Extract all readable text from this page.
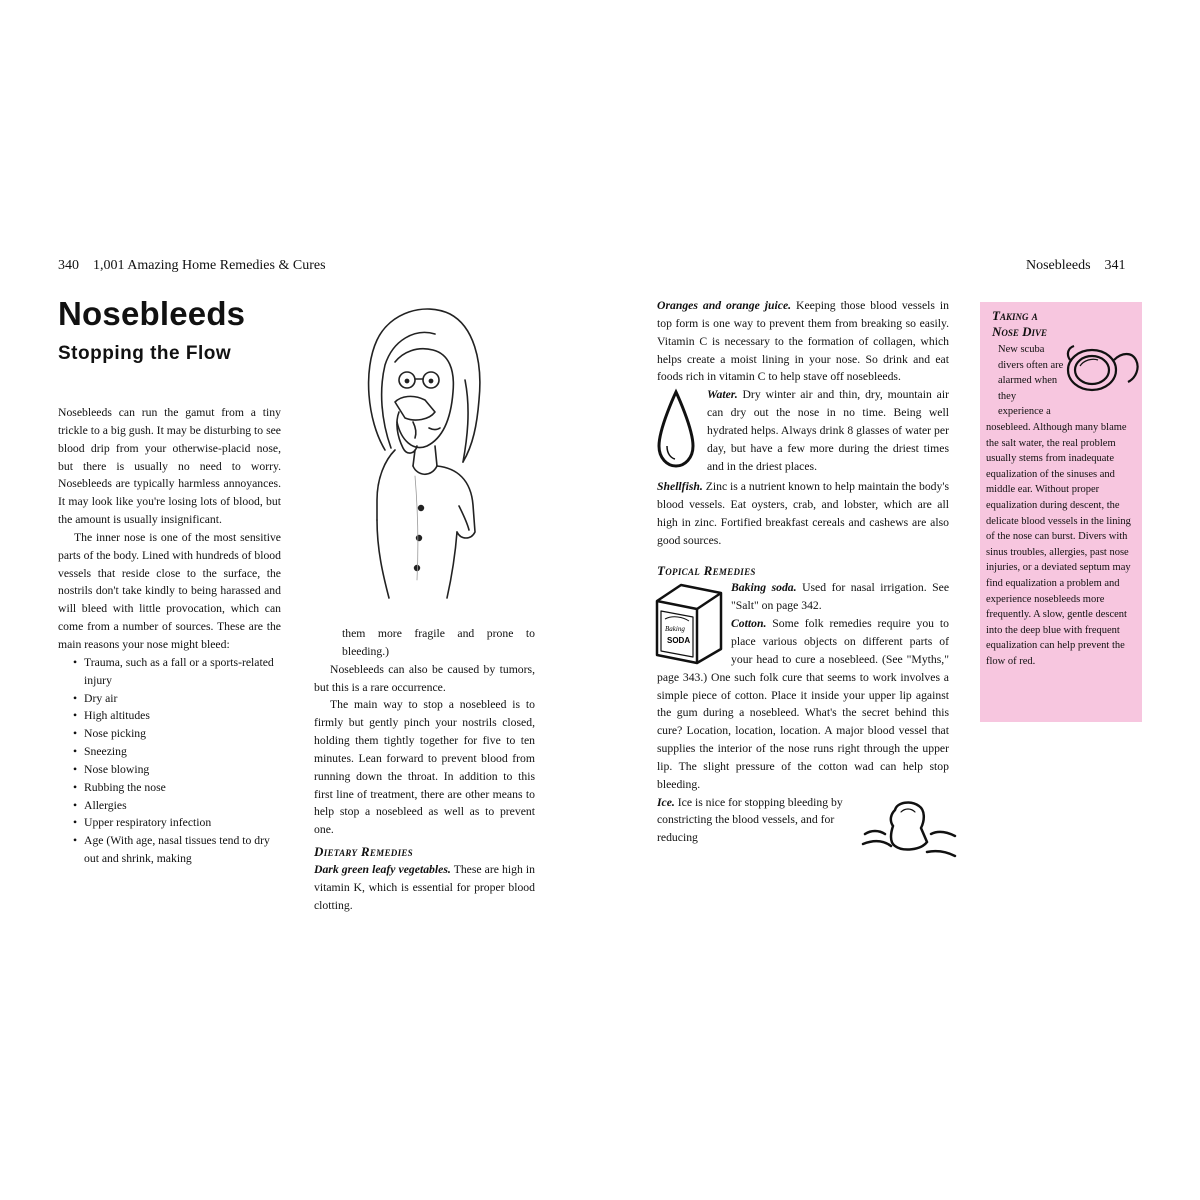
340 1,001 Amazing Home Remedies & Cures
Nosebleeds
Stopping the Flow

Nosebleeds can run the gamut from a tiny trickle to a big gush. It may be disturbing to see blood drip from your otherwise-placid nose, but there is usually no need to worry. Nosebleeds are typically harmless annoyances. It may look like you're losing lots of blood, but the amount is usually insignificant.

The inner nose is one of the most sensitive parts of the body. Lined with hundreds of blood vessels that reside close to the surface, the nostrils don't take kindly to being harassed and will bleed with little provocation, which can come from a number of sources. These are the main reasons your nose might bleed:

• Trauma, such as a fall or a sports-related injury
• Dry air
• High altitudes
• Nose picking
• Sneezing
• Nose blowing
• Rubbing the nose
• Allergies
• Upper respiratory infection
• Age (With age, nasal tissues tend to dry out and shrink, making

them more fragile and prone to bleeding.)

Nosebleeds can also be caused by tumors, but this is a rare occurrence.

The main way to stop a nosebleed is to firmly but gently pinch your nostrils closed, holding them tightly together for five to ten minutes. Lean forward to prevent blood from running down the throat. In addition to this first line of treatment, there are other means to help stop a nosebleed as well as to prevent one.

Dietary Remedies

Dark green leafy vegetables. These are high in vitamin K, which is essential for proper blood clotting.

Nosebleeds 341

Oranges and orange juice. Keeping those blood vessels in top form is one way to prevent them from breaking so easily. Vitamin C is necessary to the formation of collagen, which helps create a moist lining in your nose. So drink and eat foods rich in vitamin C to help stave off nosebleeds.

Water. Dry winter air and thin, dry, mountain air can dry out the nose in no time. Being well hydrated helps. Always drink 8 glasses of water per day, but have a few more during the driest times and in the driest places.

Shellfish. Zinc is a nutrient known to help maintain the body's blood vessels. Eat oysters, crab, and lobster, which are all high in zinc. Fortified breakfast cereals and cashews are also good sources.

Topical Remedies
Baking
SODA

Baking soda. Used for nasal irrigation. See "Salt" on page 342.

Cotton. Some folk remedies require you to place various objects on different parts of your head to cure a nosebleed. (See "Myths," page 343.) One such folk cure that seems to work involves a simple piece of cotton. Place it inside your upper lip against the gum during a nosebleed. What's the secret behind this cure? Location, location, location. A major blood vessel that supplies the interior of the nose runs right through the upper lip. The slight pressure of the cotton wad can help stop bleeding.

Ice. Ice is nice for stopping bleeding by constricting the blood vessels, and for reducing

Taking a
Nose Dive
New scuba divers often are alarmed when they experience a
nosebleed. Although many blame the salt water, the real problem usually stems from inadequate equalization of the sinuses and middle ear. Without proper equalization during descent, the delicate blood vessels in the lining of the nose can burst. Divers with sinus troubles, allergies, past nose injuries, or a deviated septum may find equalization a problem and experience nosebleeds more frequently. A slow, gentle descent into the deep blue with frequent equalization can help prevent the flow of red.
